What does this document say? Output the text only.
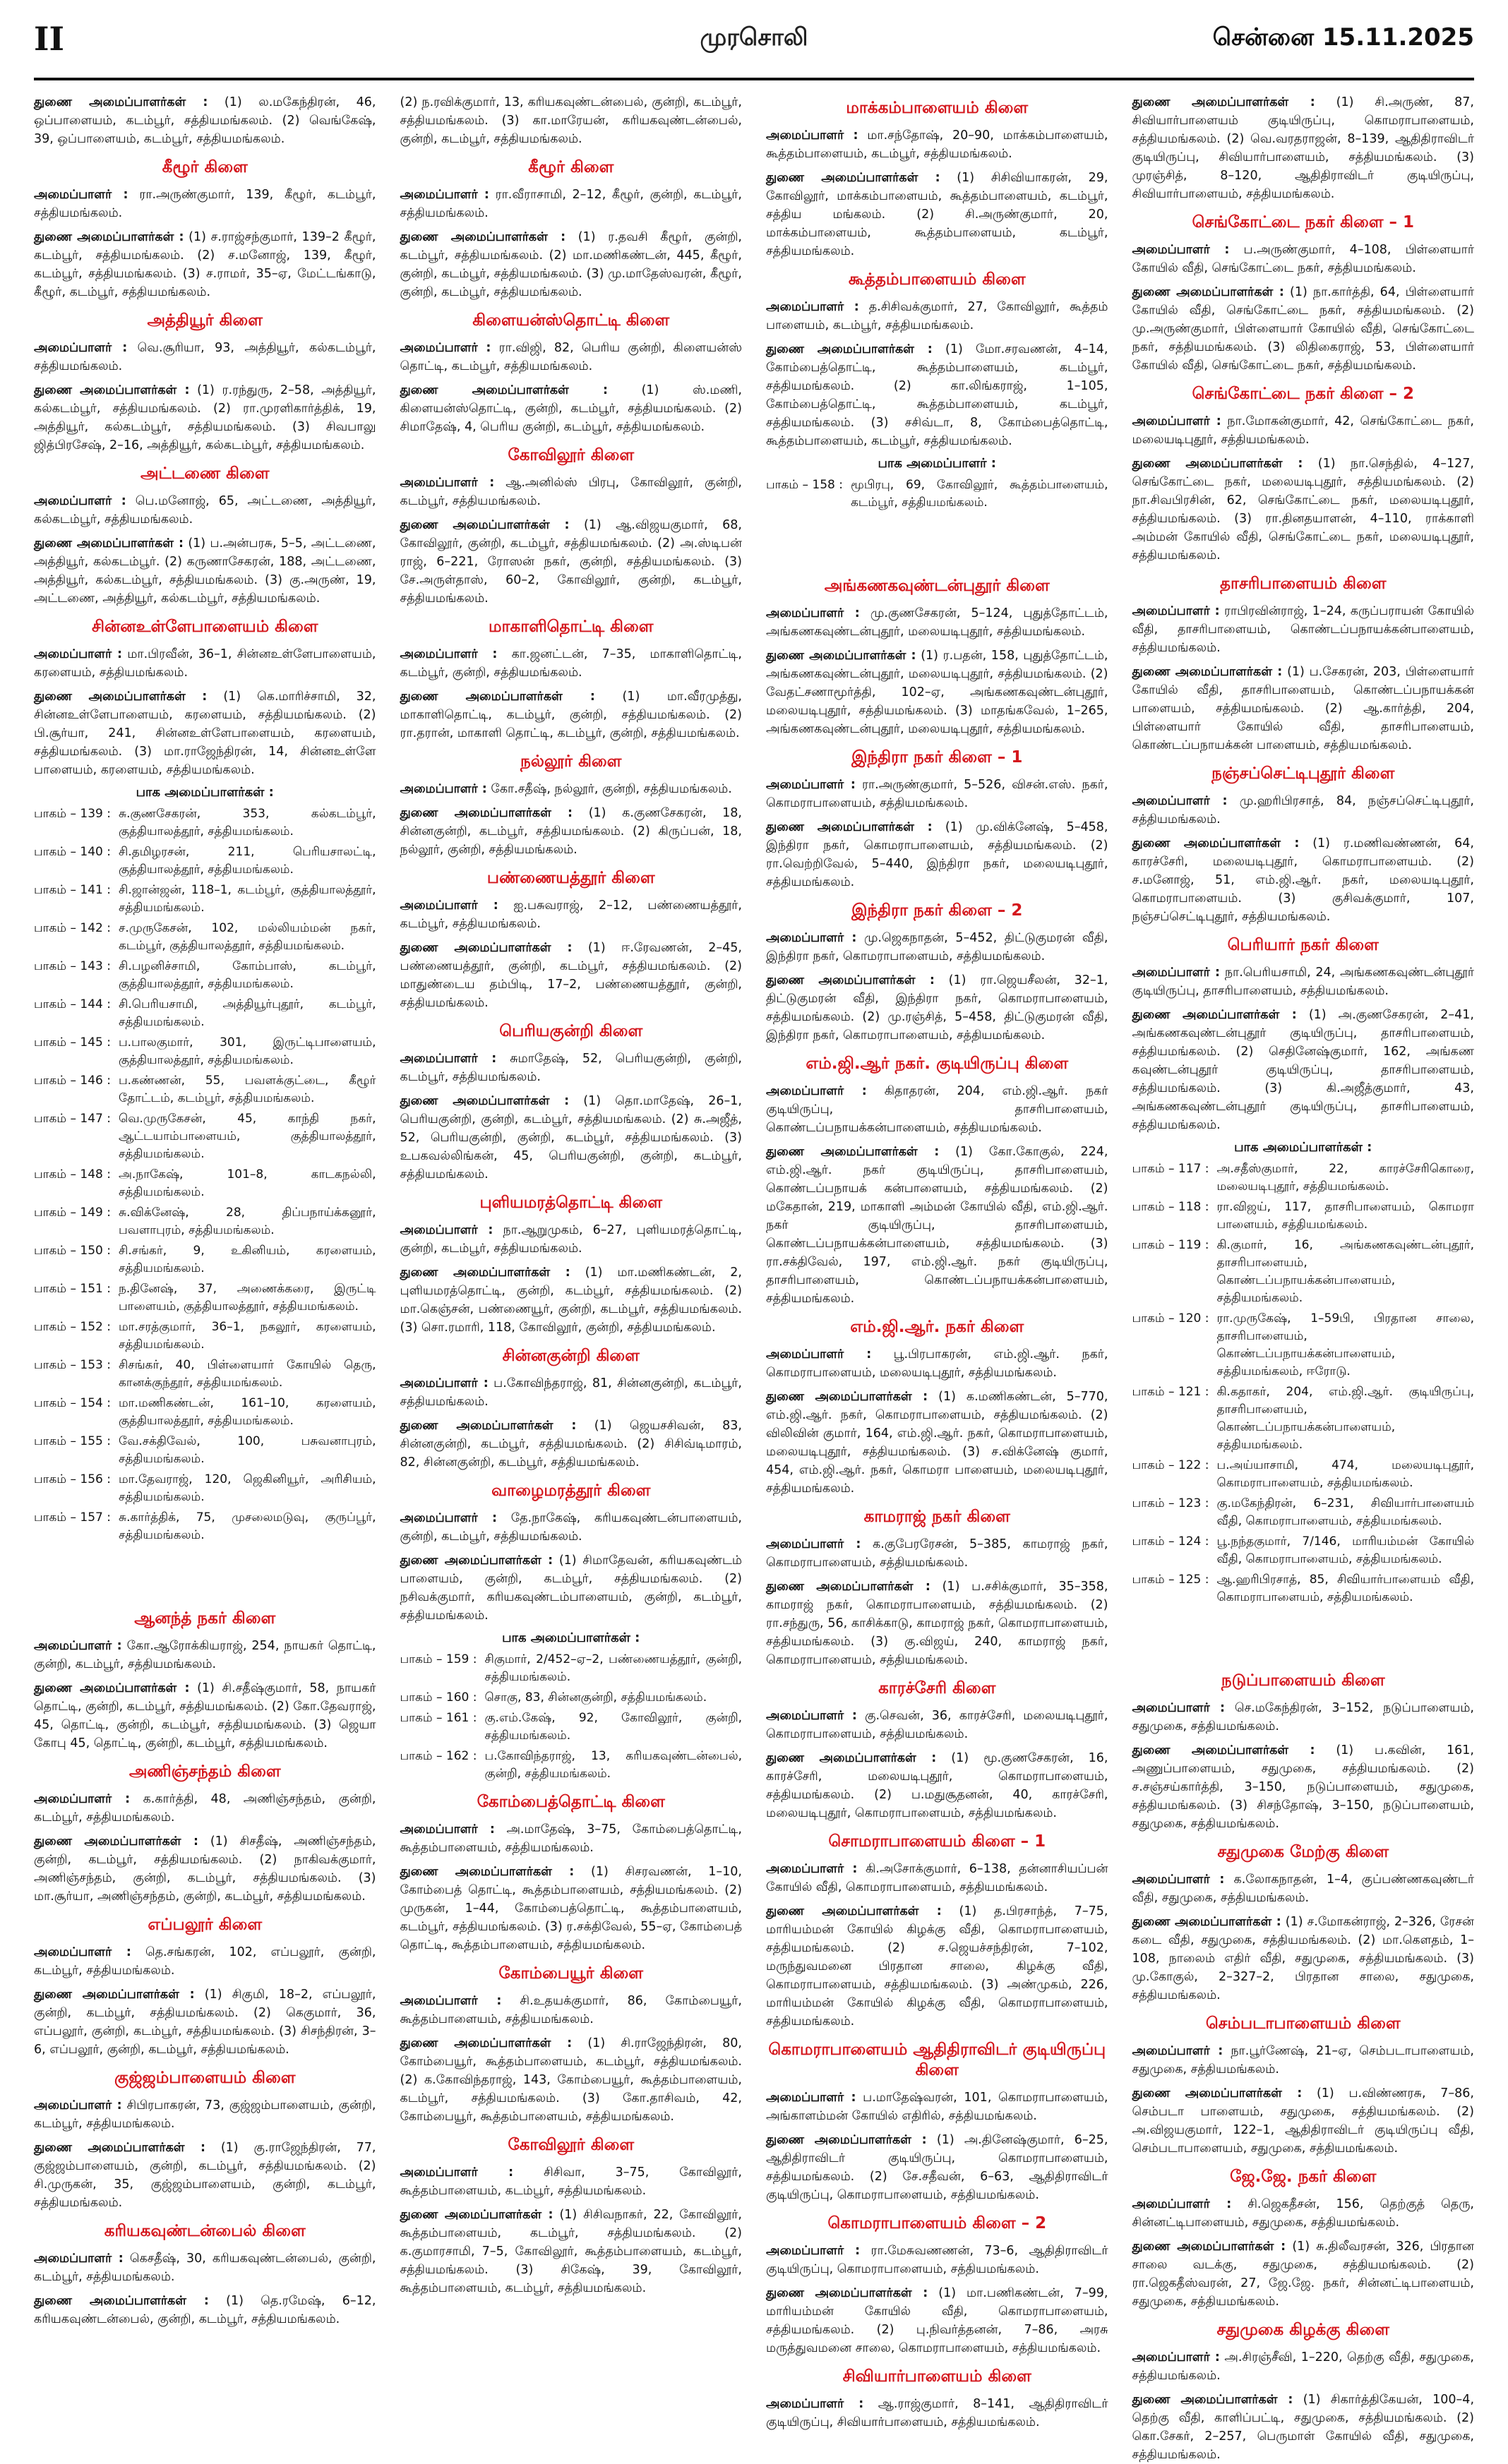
II	முரசொலி	சென்னை 15.11.2025

துணை அமைப்பாளர்கள் : (1) ல.மகேந்திரன், 46, ஒப்பாளையம், கடம்பூர், சத்தியமங்கலம். (2) வெங்கேஷ், 39, ஒப்பாளையம், கடம்பூர், சத்தியமங்கலம்.

கீழூர் கிளை

அமைப்பாளர் : ரா.அருண்குமார், 139, கீழூர், கடம்பூர், சத்தியமங்கலம்.

துணை அமைப்பாளர்கள் : (1) ச.ராஜ்சந்குமார், 139–2 கீழூர், கடம்பூர், சத்தியமங்கலம். (2) ச.மனோஜ், 139, கீழூர், கடம்பூர், சத்தியமங்கலம். (3) ச.ராமர், 35–ஏ, மேட்டங்காடு, கீழூர், கடம்பூர், சத்தியமங்கலம்.

அத்தியூர் கிளை

அமைப்பாளர் : வெ.சூரியா, 93, அத்தியூர், கல்கடம்பூர், சத்தியமங்கலம்.

துணை அமைப்பாளர்கள் : (1) ர.ரந்துரு, 2–58, அத்தியூர், கல்கடம்பூர், சத்தியமங்கலம். (2) ரா.முரளிகார்த்திக், 19, அத்தியூர், கல்கடம்பூர், சத்தியமங்கலம். (3) சிவபாலு ஜித்பிரசேஷ், 2–16, அத்தியூர், கல்கடம்பூர், சத்தியமங்கலம்.

அட்டணை கிளை

அமைப்பாளர் : பெ.மனோஜ், 65, அட்டணை, அத்தியூர், கல்கடம்பூர், சத்தியமங்கலம்.

துணை அமைப்பாளர்கள் : (1) ப.அன்பரசு, 5–5, அட்டணை, அத்தியூர், கல்கடம்பூர். (2) கருணாசேகரன், 188, அட்டணை, அத்தியூர், கல்கடம்பூர், சத்தியமங்கலம். (3) கு.அருண், 19, அட்டணை, அத்தியூர், கல்கடம்பூர், சத்தியமங்கலம்.

சின்னஉள்ளேபாளையம் கிளை

அமைப்பாளர் : மா.பிரவீன், 36–1, சின்னஉள்ளேபாளையம், கரளையம், சத்தியமங்கலம்.

துணை அமைப்பாளர்கள் : (1) கெ.மாரிச்சாமி, 32, சின்னஉள்ளேபாளையம், கரளையம், சத்தியமங்கலம். (2) பி.சூர்யா, 241, சின்னஉள்ளேபாளையம், கரளையம், சத்தியமங்கலம். (3) மா.ராஜேந்திரன், 14, சின்னஉள்ளே பாளையம், கரளையம், சத்தியமங்கலம்.

பாக அமைப்பாளர்கள் :
பாகம் – 139 : சு.குணசேகரன், 353, கல்கடம்பூர், குத்தியாலத்தூர், சத்தியமங்கலம்.
பாகம் – 140 : சி.தமிழரசன், 211, பெரியசாலட்டி, குத்தியாலத்தூர், சத்தியமங்கலம்.
பாகம் – 141 : சி.ஜான்ஜன், 118–1, கடம்பூர், குத்தியாலத்தூர், சத்தியமங்கலம்.
பாகம் – 142 : ச.முருகேசன், 102, மல்லியம்மன் நகர், கடம்பூர், குத்தியாலத்தூர், சத்தியமங்கலம்.
பாகம் – 143 : சி.பழனிச்சாமி, கோம்பாஸ், கடம்பூர், குத்தியாலத்தூர், சத்தியமங்கலம்.
பாகம் – 144 : சி.பெரியசாமி, அத்தியூர்புதூர், கடம்பூர், சத்தியமங்கலம்.
பாகம் – 145 : ப.பாலகுமார், 301, இருட்டிபாளையம், குத்தியாலத்தூர், சத்தியமங்கலம்.
பாகம் – 146 : ப.கண்ணன், 55, பவளக்குட்டை, கீழூர் தோட்டம், கடம்பூர், சத்தியமங்கலம்.
பாகம் – 147 : வெ.முருகேசன், 45, காந்தி நகர், ஆட்டயாம்பாளையம், குத்தியாலத்தூர், சத்தியமங்கலம்.
பாகம் – 148 : அ.நாகேஷ், 101–8, காடகநல்லி, சத்தியமங்கலம்.
பாகம் – 149 : சு.விக்னேஷ், 28, திப்பநாய்க்கனூர், பவளாபுரம், சத்தியமங்கலம்.
பாகம் – 150 : சி.சங்கர், 9, உகினியம், கரளையம், சத்தியமங்கலம்.
பாகம் – 151 : ந.தினேஷ், 37, அணைக்கரை, இருட்டி பாளையம், குத்தியாலத்தூர், சத்தியமங்கலம்.
பாகம் – 152 : மா.சரத்குமார், 36–1, நகலூர், கரளையம், சத்தியமங்கலம்.
பாகம் – 153 : சிசங்கர், 40, பிள்ளையார் கோயில் தெரு, கானக்குந்தூர், சத்தியமங்கலம்.
பாகம் – 154 : மா.மணிகண்டன், 161–10, கரளையம், குத்தியாலத்தூர், சத்தியமங்கலம்.
பாகம் – 155 : வே.சக்திவேல், 100, பசுவனாபுரம், சத்தியமங்கலம்.
பாகம் – 156 : மா.தேவராஜ், 120, ஜெகினியூர், அரிசியம், சத்தியமங்கலம்.
பாகம் – 157 : சு.கார்த்திக், 75, முசலைமடுவு, குருப்பூர், சத்தியமங்கலம்.
ஆனந்த் நகர் கிளை

அமைப்பாளர் : கோ.ஆரோக்கியராஜ், 254, நாயகர் தொட்டி, குன்றி, கடம்பூர், சத்தியமங்கலம்.

துணை அமைப்பாளர்கள் : (1) சி.சதீஷ்குமார், 58, நாயகர் தொட்டி, குன்றி, கடம்பூர், சத்தியமங்கலம். (2) கோ.தேவராஜ், 45, தொட்டி, குன்றி, கடம்பூர், சத்தியமங்கலம். (3) ஜெயா கோபு 45, தொட்டி, குன்றி, கடம்பூர், சத்தியமங்கலம்.

அணிஞ்சந்தம் கிளை

அமைப்பாளர் : க.கார்த்தி, 48, அணிஞ்சந்தம், குன்றி, கடம்பூர், சத்தியமங்கலம்.

துணை அமைப்பாளர்கள் : (1) சிசதீஷ், அணிஞ்சந்தம், குன்றி, கடம்பூர், சத்தியமங்கலம். (2) நாகிவக்குமார், அணிஞ்சந்தம், குன்றி, கடம்பூர், சத்தியமங்கலம். (3) மா.சூர்யா, அணிஞ்சந்தம், குன்றி, கடம்பூர், சத்தியமங்கலம்.

எப்பலூர் கிளை

அமைப்பாளர் : தெ.சங்கரன், 102, எப்பலூர், குன்றி, கடம்பூர், சத்தியமங்கலம்.

துணை அமைப்பாளர்கள் : (1) சிகுமி, 18–2, எப்பலூர், குன்றி, கடம்பூர், சத்தியமங்கலம். (2) கெகுமார், 36, எப்பலூர், குன்றி, கடம்பூர், சத்தியமங்கலம். (3) சிசந்திரன், 3–6, எப்பலூர், குன்றி, கடம்பூர், சத்தியமங்கலம்.

குஜ்ஜம்பாளையம் கிளை

அமைப்பாளர் : சிபிரபாகரன், 73, குஜ்ஜம்பாளையம், குன்றி, கடம்பூர், சத்தியமங்கலம்.

துணை அமைப்பாளர்கள் : (1) கு.ராஜேந்திரன், 77, குஜ்ஜம்பாளையம், குன்றி, கடம்பூர், சத்தியமங்கலம். (2) சி.முருகன், 35, குஜ்ஜம்பாளையம், குன்றி, கடம்பூர், சத்தியமங்கலம்.

கரியகவுண்டன்பைல் கிளை

அமைப்பாளர் : கெசதீஷ், 30, கரியகவுண்டன்பைல், குன்றி, கடம்பூர், சத்தியமங்கலம்.

துணை அமைப்பாளர்கள் : (1) தெ.ரமேஷ், 6–12, கரியகவுண்டன்பைல், குன்றி, கடம்பூர், சத்தியமங்கலம்.

(2) ந.ரவிக்குமார், 13, கரியகவுண்டன்பைல், குன்றி, கடம்பூர், சத்தியமங்கலம். (3) கா.மாரேயன், கரியகவுண்டன்பைல், குன்றி, கடம்பூர், சத்தியமங்கலம்.

கீழூர் கிளை

அமைப்பாளர் : ரா.வீராசாமி, 2–12, கீழூர், குன்றி, கடம்பூர், சத்தியமங்கலம்.

துணை அமைப்பாளர்கள் : (1) ர.தவசி கீழூர், குன்றி, கடம்பூர், சத்தியமங்கலம். (2) மா.மணிகண்டன், 445, கீழூர், குன்றி, கடம்பூர், சத்தியமங்கலம். (3) மு.மாதேஸ்வரன், கீழூர், குன்றி, கடம்பூர், சத்தியமங்கலம்.

கிளையன்ஸ்தொட்டி கிளை

அமைப்பாளர் : ரா.விஜி, 82, பெரிய குன்றி, கிளையன்ஸ் தொட்டி, கடம்பூர், சத்தியமங்கலம்.

துணை அமைப்பாளர்கள் :	(1) ஸ்.மணி, கிளையன்ஸ்தொட்டி, குன்றி, கடம்பூர், சத்தியமங்கலம். (2) சிமாதேஷ், 4, பெரிய குன்றி, கடம்பூர், சத்தியமங்கலம்.

கோவிலூர் கிளை

அமைப்பாளர் : ஆ.அனில்ஸ் பிரபு, கோவிலூர், குன்றி, கடம்பூர், சத்தியமங்கலம்.

துணை அமைப்பாளர்கள் : (1) ஆ.விஜயகுமார், 68, கோவிலூர், குன்றி, கடம்பூர், சத்தியமங்கலம். (2) அ.ஸ்டிபன் ராஜ், 6–221, ரோஸன் நகர், குன்றி, சத்தியமங்கலம். (3) சே.அருள்தாஸ், 60–2, கோவிலூர், குன்றி, கடம்பூர், சத்தியமங்கலம்.

மாகாளிதொட்டி கிளை

அமைப்பாளர் : கா.ஜனட்டன், 7–35, மாகாளிதொட்டி, கடம்பூர், குன்றி, சத்தியமங்கலம்.

துணை அமைப்பாளர்கள் : (1) மா.வீரமுத்து, மாகாளிதொட்டி, கடம்பூர், குன்றி, சத்தியமங்கலம். (2) ரா.தரான், மாகாளி தொட்டி, கடம்பூர், குன்றி, சத்தியமங்கலம்.

நல்லூர் கிளை

அமைப்பாளர் : கோ.சதீஷ், நல்லூர், குன்றி, சத்தியமங்கலம்.

துணை அமைப்பாளர்கள் : (1) க.குணசேகரன், 18, சின்னகுன்றி, கடம்பூர், சத்தியமங்கலம். (2) கிருப்பன், 18, நல்லூர், குன்றி, சத்தியமங்கலம்.

பண்ணையத்தூர் கிளை

அமைப்பாளர் : ஐ.பசுவராஜ், 2–12, பண்ணையத்தூர், கடம்பூர், சத்தியமங்கலம்.

துணை அமைப்பாளர்கள் : (1) ஈ.ரேவணன், 2–45, பண்ணையத்தூர், குன்றி, கடம்பூர், சத்தியமங்கலம். (2) மாதுண்டைய தம்பிடி, 17–2, பண்ணையத்தூர், குன்றி, சத்தியமங்கலம்.

பெரியகுன்றி கிளை

அமைப்பாளர் : சுமாதேஷ், 52, பெரியகுன்றி, குன்றி, கடம்பூர், சத்தியமங்கலம்.

துணை அமைப்பாளர்கள் : (1) தொ.மாதேஷ், 26–1, பெரியகுன்றி, குன்றி, கடம்பூர், சத்தியமங்கலம். (2) சு.அஜீத், 52, பெரியகுன்றி, குன்றி, கடம்பூர், சத்தியமங்கலம். (3) உபகவல்லிங்கன், 45, பெரியகுன்றி, குன்றி, கடம்பூர், சத்தியமங்கலம்.

புளியமரத்தொட்டி கிளை

அமைப்பாளர் : நா.ஆறுமுகம், 6–27, புளியமரத்தொட்டி, குன்றி, கடம்பூர், சத்தியமங்கலம்.

துணை அமைப்பாளர்கள் : (1) மா.மணிகண்டன், 2, புளியமரத்தொட்டி, குன்றி, கடம்பூர், சத்தியமங்கலம். (2) மா.கெஞ்சன், பண்ணையூர், குன்றி, கடம்பூர், சத்தியமங்கலம். (3) சொ.ரமாரி, 118, கோவிலூர், குன்றி, சத்தியமங்கலம்.

சின்னகுன்றி கிளை

அமைப்பாளர் : ப.கோவிந்தராஜ், 81, சின்னகுன்றி, கடம்பூர், சத்தியமங்கலம்.

துணை அமைப்பாளர்கள் : (1) ஜெயசசிவன், 83, சின்னகுன்றி, கடம்பூர், சத்தியமங்கலம். (2) சிசிவ்டிமாரம், 82, சின்னகுன்றி, கடம்பூர், சத்தியமங்கலம்.

வாழைமரத்தூர் கிளை

அமைப்பாளர் : தே.நாகேஷ், கரியகவுண்டன்பாளையம், குன்றி, கடம்பூர், சத்தியமங்கலம்.

துணை அமைப்பாளர்கள் : (1) சிமாதேவன், கரியகவுண்டம் பாளையம், குன்றி, கடம்பூர், சத்தியமங்கலம். (2) நசிவக்குமார், கரியகவுண்டம்பாளையம், குன்றி, கடம்பூர், சத்தியமங்கலம்.

பாக அமைப்பாளர்கள் :
பாகம் – 159 : சிகுமார், 2/452–ஏ–2, பண்ணையத்தூர், குன்றி, சத்தியமங்கலம்.
பாகம் – 160 : சொகு, 83, சின்னகுன்றி, சத்தியமங்கலம்.
பாகம் – 161 : கு.எம்.கேஷ், 92, கோவிலூர், குன்றி, சத்தியமங்கலம்.
பாகம் – 162 : ப.கோவிந்தராஜ், 13, கரியகவுண்டன்பைல், குன்றி, சத்தியமங்கலம்.
கோம்பைத்தொட்டி கிளை

அமைப்பாளர் : அ.மாதேஷ், 3–75, கோம்பைத்தொட்டி, கூத்தம்பாளையம், சத்தியமங்கலம்.

துணை அமைப்பாளர்கள் : (1) சிசரவணன், 1–10, கோம்பைத் தொட்டி, கூத்தம்பாளையம், சத்தியமங்கலம். (2) முருகன், 1–44, கோம்பைத்தொட்டி, கூத்தம்பாளையம், கடம்பூர், சத்தியமங்கலம். (3) ர.சக்திவேல், 55–ஏ, கோம்பைத் தொட்டி, கூத்தம்பாளையம், சத்தியமங்கலம்.

கோம்பையூர் கிளை

அமைப்பாளர் : சி.உதயக்குமார், 86, கோம்பையூர், கூத்தம்பாளையம், சத்தியமங்கலம்.

துணை அமைப்பாளர்கள் : (1) சி.ராஜேந்திரன், 80, கோம்பையூர், கூத்தம்பாளையம், கடம்பூர், சத்தியமங்கலம். (2) க.கோவிந்தராஜ், 143, கோம்பையூர், கூத்தம்பாளையம், கடம்பூர், சத்தியமங்கலம். (3) கோ.தாசிவம், 42, கோம்பையூர், கூத்தம்பாளையம், சத்தியமங்கலம்.

கோவிலூர் கிளை

அமைப்பாளர் : சிசிவா, 3–75, கோவிலூர், கூத்தம்பாளையம், கடம்பூர், சத்தியமங்கலம்.

துணை அமைப்பாளர்கள் : (1) சிசிவநாகர், 22, கோவிலூர், கூத்தம்பாளையம், கடம்பூர், சத்தியமங்கலம். (2) க.குமாரசாமி, 7–5, கோவிலூர், கூத்தம்பாளையம், கடம்பூர், சத்தியமங்கலம். (3) சிகேஷ், 39, கோவிலூர், கூத்தம்பாளையம், கடம்பூர், சத்தியமங்கலம்.

மாக்கம்பாளையம் கிளை

அமைப்பாளர் : மா.சந்தோஷ், 20–90, மாக்கம்பாளையம், கூத்தம்பாளையம், கடம்பூர், சத்தியமங்கலம்.

துணை அமைப்பாளர்கள் : (1) சிசிவியாகரன், 29, கோவிலூர், மாக்கம்பாளையம், கூத்தம்பாளையம், கடம்பூர், சத்திய மங்கலம். (2) சி.அருண்குமார், 20, மாக்கம்பாளையம், கூத்தம்பாளையம், கடம்பூர், சத்தியமங்கலம்.

கூத்தம்பாளையம் கிளை

அமைப்பாளர் : த.சிசிவக்குமார், 27, கோவிலூர், கூத்தம் பாளையம், கடம்பூர், சத்தியமங்கலம்.

துணை அமைப்பாளர்கள் : (1) மோ.சரவணன், 4–14, கோம்பைத்தொட்டி, கூத்தம்பாளையம், கடம்பூர், சத்தியமங்கலம். (2) கா.லிங்கராஜ், 1–105, கோம்பைத்தொட்டி, கூத்தம்பாளையம், கடம்பூர், சத்தியமங்கலம். (3) சசிவ்டா, 8, கோம்பைத்தொட்டி, கூத்தம்பாளையம், கடம்பூர், சத்தியமங்கலம்.

பாக அமைப்பாளர் :
பாகம் – 158 : மூபிரபு, 69, கோவிலூர், கூத்தம்பாளையம், கடம்பூர், சத்தியமங்கலம்.
அங்கணகவுண்டன்புதூர் கிளை

அமைப்பாளர் : மு.குணசேகரன், 5–124, புதுத்தோட்டம், அங்கணகவுண்டன்புதூர், மலையடிபுதூர், சத்தியமங்கலம்.

துணை அமைப்பாளர்கள் : (1) ர.பதன், 158, புதுத்தோட்டம், அங்கணகவுண்டன்புதூர், மலையடிபுதூர், சத்தியமங்கலம். (2) வேதட்சணாமூர்த்தி, 102–ஏ, அங்கணகவுண்டன்புதூர், மலையடிபுதூர், சத்தியமங்கலம். (3) மாதங்கவேல், 1–265, அங்கணகவுண்டன்புதூர், மலையடிபுதூர், சத்தியமங்கலம்.

இந்திரா நகர் கிளை – 1

அமைப்பாளர் : ரா.அருண்குமார், 5–526, விசன்.எஸ். நகர், கொமராபாளையம், சத்தியமங்கலம்.

துணை அமைப்பாளர்கள் : (1) மு.விக்னேஷ், 5–458, இந்திரா நகர், கொமராபாளையம், சத்தியமங்கலம். (2) ரா.வெற்றிவேல், 5–440, இந்திரா நகர், மலையடிபுதூர், சத்தியமங்கலம்.

இந்திரா நகர் கிளை – 2

அமைப்பாளர் : மு.ஜெகநாதன், 5–452, திட்டுகுமரன் வீதி, இந்திரா நகர், கொமராபாளையம், சத்தியமங்கலம்.

துணை அமைப்பாளர்கள் : (1) ரா.ஜெயசீலன், 32–1, திட்டுகுமரன் வீதி, இந்திரா நகர், கொமராபாளையம், சத்தியமங்கலம். (2) மு.ரஞ்சித், 5–458, திட்டுகுமரன் வீதி, இந்திரா நகர், கொமராபாளையம், சத்தியமங்கலம்.

எம்.ஜி.ஆர் நகர். குடியிருப்பு கிளை

அமைப்பாளர் : கிதாதரன், 204, எம்.ஜி.ஆர். நகர் குடியிருப்பு, தாசரிபாளையம், கொண்டப்பநாயக்கன்பாளையம், சத்தியமங்கலம்.

துணை அமைப்பாளர்கள் : (1) கோ.கோகுல், 224, எம்.ஜி.ஆர். நகர் குடியிருப்பு, தாசரிபாளையம், கொண்டப்பநாயக் கன்பாளையம், சத்தியமங்கலம். (2) மகேதான், 219, மாகாளி அம்மன் கோயில் வீதி, எம்.ஜி.ஆர். நகர் குடியிருப்பு, தாசரிபாளையம், கொண்டப்பநாயக்கன்பாளையம், சத்தியமங்கலம். (3) ரா.சக்திவேல், 197, எம்.ஜி.ஆர். நகர் குடியிருப்பு, தாசரிபாளையம், கொண்டப்பநாயக்கன்பாளையம், சத்தியமங்கலம்.

எம்.ஜி.ஆர். நகர் கிளை

அமைப்பாளர் : பூ.பிரபாகரன், எம்.ஜி.ஆர். நகர், கொமராபாளையம், மலையடிபுதூர், சத்தியமங்கலம்.

துணை அமைப்பாளர்கள் : (1) க.மணிகண்டன், 5–770, எம்.ஜி.ஆர். நகர், கொமராபாளையம், சத்தியமங்கலம். (2) விலிவின் குமார், 164, எம்.ஜி.ஆர். நகர், கொமராபாளையம், மலையடிபுதூர், சத்தியமங்கலம். (3) ச.விக்னேஷ் குமார், 454, எம்.ஜி.ஆர். நகர், கொமரா பாளையம், மலையடிபுதூர், சத்தியமங்கலம்.

காமராஜ் நகர் கிளை

அமைப்பாளர் : க.குபேரரேசன், 5–385, காமராஜ் நகர், கொமராபாளையம், சத்தியமங்கலம்.

துணை அமைப்பாளர்கள் : (1) ப.சசிக்குமார், 35–358, காமராஜ் நகர், கொமராபாளையம், சத்தியமங்கலம். (2) ரா.சந்துரு, 56, காசிக்காடு, காமராஜ் நகர், கொமராபாளையம், சத்தியமங்கலம். (3) கு.விஜய், 240, காமராஜ் நகர், கொமராபாளையம், சத்தியமங்கலம்.

காரச்சேரி கிளை

அமைப்பாளர் : கு.செவன், 36, காரச்சேரி, மலையடிபுதூர், கொமராபாளையம், சத்தியமங்கலம்.

துணை அமைப்பாளர்கள் : (1) மூ.குணசேகரன், 16, காரச்சேரி, மலையடிபுதூர், கொமராபாளையம், சத்தியமங்கலம். (2) ப.மதுசூதனன், 40, காரச்சேரி, மலையடிபுதூர், கொமராபாளையம், சத்தியமங்கலம்.

சொமராபாளையம் கிளை – 1

அமைப்பாளர் : கி.அசோக்குமார், 6–138, தன்னாசியப்பன் கோயில் வீதி, கொமராபாளையம், சத்தியமங்கலம்.

துணை அமைப்பாளர்கள் : (1) த.பிரசாந்த், 7–75, மாரியம்மன் கோயில் கிழக்கு வீதி, கொமராபாளையம், சத்தியமங்கலம். (2) ச.ஜெயச்சந்திரன், 7–102, மருந்துவமனை பிரதான சாலை, கிழக்கு வீதி, கொமராபாளையம், சத்தியமங்கலம். (3) அண்முகம், 226, மாரியம்மன் கோயில் கிழக்கு வீதி, கொமராபாளையம், சத்தியமங்கலம்.

கொமராபாளையம் ஆதிதிராவிடர் குடியிருப்பு கிளை

அமைப்பாளர் : ப.மாதேஷ்வரன், 101, கொமராபாளையம், அங்காளம்மன் கோயில் எதிரில், சத்தியமங்கலம்.

துணை அமைப்பாளர்கள் : (1) அ.தினேஷ்குமார், 6–25, ஆதிதிராவிடர் குடியிருப்பு, கொமராபாளையம், சத்தியமங்கலம். (2) சே.சதீவன், 6–63, ஆதிதிராவிடர் குடியிருப்பு, கொமராபாளையம், சத்தியமங்கலம்.

கொமராபாளையம் கிளை – 2

அமைப்பாளர் : ரா.மேசுவணணன், 73–6, ஆதிதிராவிடர் குடியிருப்பு, கொமராபாளையம், சத்தியமங்கலம்.

துணை அமைப்பாளர்கள் : (1) மா.பணிகண்டன், 7–99, மாரியம்மன் கோயில் வீதி, கொமராபாளையம், சத்தியமங்கலம். (2) பு.நிவர்த்தனன், 7–86, அரசு மருத்துவமனை சாலை, கொமராபாளையம், சத்தியமங்கலம்.

சிவியார்பாளையம் கிளை

அமைப்பாளர் : ஆ.ராஜ்குமார், 8–141, ஆதிதிராவிடர் குடியிருப்பு, சிவியார்பாளையம், சத்தியமங்கலம்.

துணை அமைப்பாளர்கள் : (1) சி.அருண், 87, சிவியார்பாளையம் குடியிருப்பு, கொமராபாளையம், சத்தியமங்கலம். (2) வெ.வரதராஜன், 8–139, ஆதிதிராவிடர் குடியிருப்பு, சிவியார்பாளையம், சத்தியமங்கலம். (3) முரஞ்சித், 8–120, ஆதிதிராவிடர் குடியிருப்பு, சிவியார்பாளையம், சத்தியமங்கலம்.

செங்கோட்டை நகர் கிளை – 1

அமைப்பாளர் : ப.அருண்குமார், 4–108, பிள்ளையார் கோயில் வீதி, செங்கோட்டை நகர், சத்தியமங்கலம்.

துணை அமைப்பாளர்கள் : (1) நா.கார்த்தி, 64, பிள்ளையார் கோயில் வீதி, செங்கோட்டை நகர், சத்தியமங்கலம். (2) மு.அருண்குமார், பிள்ளையார் கோயில் வீதி, செங்கோட்டை நகர், சத்தியமங்கலம். (3) லிதிகைராஜ், 53, பிள்ளையார் கோயில் வீதி, செங்கோட்டை நகர், சத்தியமங்கலம்.

செங்கோட்டை நகர் கிளை – 2

அமைப்பாளர் : நா.மோகன்குமார், 42, செங்கோட்டை நகர், மலையடிபுதூர், சத்தியமங்கலம்.

துணை அமைப்பாளர்கள் : (1) நா.செந்தில், 4–127, செங்கோட்டை நகர், மலையடிபுதூர், சத்தியமங்கலம். (2) நா.சிவபிரசின், 62, செங்கோட்டை நகர், மலையடிபுதூர், சத்தியமங்கலம். (3) ரா.தினதயாளன், 4–110, ராக்காளி அம்மன் கோயில் வீதி, செங்கோட்டை நகர், மலையடிபுதூர், சத்தியமங்கலம்.

தாசரிபாளையம் கிளை

அமைப்பாளர் : ராபிரவின்ராஜ், 1–24, கருப்பராயன் கோயில் வீதி, தாசரிபாளையம், கொண்டப்பநாயக்கன்பாளையம், சத்தியமங்கலம்.

துணை அமைப்பாளர்கள் : (1) ப.சேகரன், 203, பிள்ளையார் கோயில் வீதி, தாசரிபாளையம், கொண்டப்பநாயக்கன் பாளையம், சத்தியமங்கலம். (2) ஆ.கார்த்தி, 204, பிள்ளையார் கோயில் வீதி, தாசரிபாளையம், கொண்டப்பநாயக்கன் பாளையம், சத்தியமங்கலம்.

நஞ்சப்செட்டிபுதூர் கிளை

அமைப்பாளர் : மு.ஹரிபிரசாத், 84, நஞ்சப்செட்டிபுதூர், சத்தியமங்கலம்.

துணை அமைப்பாளர்கள் : (1) ர.மணிவண்ணன், 64, காரச்சேரி, மலையடிபுதூர், கொமராபாளையம். (2) ச.மனோஜ், 51, எம்.ஜி.ஆர். நகர், மலையடிபுதூர், கொமராபாளையம். (3) குசிவக்குமார், 107, நஞ்சப்செட்டிபுதூர், சத்தியமங்கலம்.

பெரியார் நகர் கிளை

அமைப்பாளர் : நா.பெரியசாமி, 24, அங்கணகவுண்டன்புதூர் குடியிருப்பு, தாசரிபாளையம், சத்தியமங்கலம்.

துணை அமைப்பாளர்கள் : (1) அ.குணசேகரன், 2–41, அங்கணகவுண்டன்புதூர் குடியிருப்பு, தாசரிபாளையம், சத்தியமங்கலம். (2) செதினேஷ்குமார், 162, அங்கண கவுண்டன்புதூர் குடியிருப்பு, தாசரிபாளையம், சத்தியமங்கலம். (3) கி.அஜீத்குமார், 43, அங்கணகவுண்டன்புதூர் குடியிருப்பு, தாசரிபாளையம், சத்தியமங்கலம்.

பாக அமைப்பாளர்கள் :
பாகம் – 117 : அ.சதீஸ்குமார், 22, காரச்சேரிகொரை, மலையடிபுதூர், சத்தியமங்கலம்.
பாகம் – 118 : ரா.விஜய், 117, தாசரிபாளையம், கொமரா பாளையம், சத்தியமங்கலம்.
பாகம் – 119 : கி.குமார், 16, அங்கணகவுண்டன்புதூர், தாசரிபாளையம், கொண்டப்பநாயக்கன்பாளையம், சத்தியமங்கலம்.
பாகம் – 120 : ரா.முருகேஷ், 1–59பி, பிரதான சாலை, தாசரிபாளையம், கொண்டப்பநாயக்கன்பாளையம், சத்தியமங்கலம், ஈரோடு.
பாகம் – 121 : கி.கதாகர், 204, எம்.ஜி.ஆர். குடியிருப்பு, தாசரிபாளையம், கொண்டப்பநாயக்கன்பாளையம், சத்தியமங்கலம்.
பாகம் – 122 : ப.அய்யாசாமி, 474, மலையடிபுதூர், கொமராபாளையம், சத்தியமங்கலம்.
பாகம் – 123 : கு.மகேந்திரன், 6–231, சிவியார்பாளையம் வீதி, கொமராபாளையம், சத்தியமங்கலம்.
பாகம் – 124 : பூ.நந்தகுமார், 7/146, மாரியம்மன் கோயில் வீதி, கொமராபாளையம், சத்தியமங்கலம்.
பாகம் – 125 : ஆ.ஹரிபிரசாத், 85, சிவியார்பாளையம் வீதி, கொமராபாளையம், சத்தியமங்கலம்.
நடுப்பாளையம் கிளை

அமைப்பாளர் : செ.மகேந்திரன், 3–152, நடுப்பாளையம், சதுமுகை, சத்தியமங்கலம்.

துணை அமைப்பாளர்கள் : (1) ப.கவின், 161, அணுப்பாளையம், சதுமுகை, சத்தியமங்கலம். (2) ச.சஞ்சய்கார்த்தி, 3–150, நடுப்பாளையம், சதுமுகை, சத்தியமங்கலம். (3) சிசந்தோஷ், 3–150, நடுப்பாளையம், சதுமுகை, சத்தியமங்கலம்.

சதுமுகை மேற்கு கிளை

அமைப்பாளர் : க.லோகநாதன், 1–4, குப்பண்ணகவுண்டர் வீதி, சதுமுகை, சத்தியமங்கலம்.

துணை அமைப்பாளர்கள் : (1) ச.மோகன்ராஜ், 2–326, ரேசன் கடை வீதி, சதுமுகை, சத்தியமங்கலம். (2) மா.கௌதம், 1–108, நாலைம் எதிர் வீதி, சதுமுகை, சத்தியமங்கலம். (3) மு.கோகுல், 2–327–2, பிரதான சாலை, சதுமுகை, சத்தியமங்கலம்.

செம்படாபாளையம் கிளை

அமைப்பாளர் : நா.பூர்ணேஷ், 21–ஏ, செம்படாபாளையம், சதுமுகை, சத்தியமங்கலம்.

துணை அமைப்பாளர்கள் : (1) ப.விண்ணரசு, 7–86, செம்படா பாளையம், சதுமுகை, சத்தியமங்கலம். (2) அ.விஜயகுமார், 122–1, ஆதிதிராவிடர் குடியிருப்பு வீதி, செம்படாபாளையம், சதுமுகை, சத்தியமங்கலம்.

ஜே.ஜே. நகர் கிளை

அமைப்பாளர் : சி.ஜெகதீசன், 156, தெற்குத் தெரு, சின்னட்டிபாளையம், சதுமுகை, சத்தியமங்கலம்.

துணை அமைப்பாளர்கள் : (1) சு.திலீவரசன், 326, பிரதான சாலை வடக்கு, சதுமுகை, சத்தியமங்கலம். (2) ரா.ஜெகதீஸ்வரன், 27, ஜே.ஜே. நகர், சின்னட்டிபாளையம், சதுமுகை, சத்தியமங்கலம்.

சதுமுகை கிழக்கு கிளை

அமைப்பாளர் : அ.சிரஞ்சீவி, 1–220, தெற்கு வீதி, சதுமுகை, சத்தியமங்கலம்.

துணை அமைப்பாளர்கள் : (1) சிகார்த்திகேயன், 100–4, தெற்கு வீதி, காளிப்பட்டி, சதுமுகை, சத்தியமங்கலம். (2) கொ.சேகர், 2–257, பெருமாள் கோயில் வீதி, சதுமுகை, சத்தியமங்கலம்.
